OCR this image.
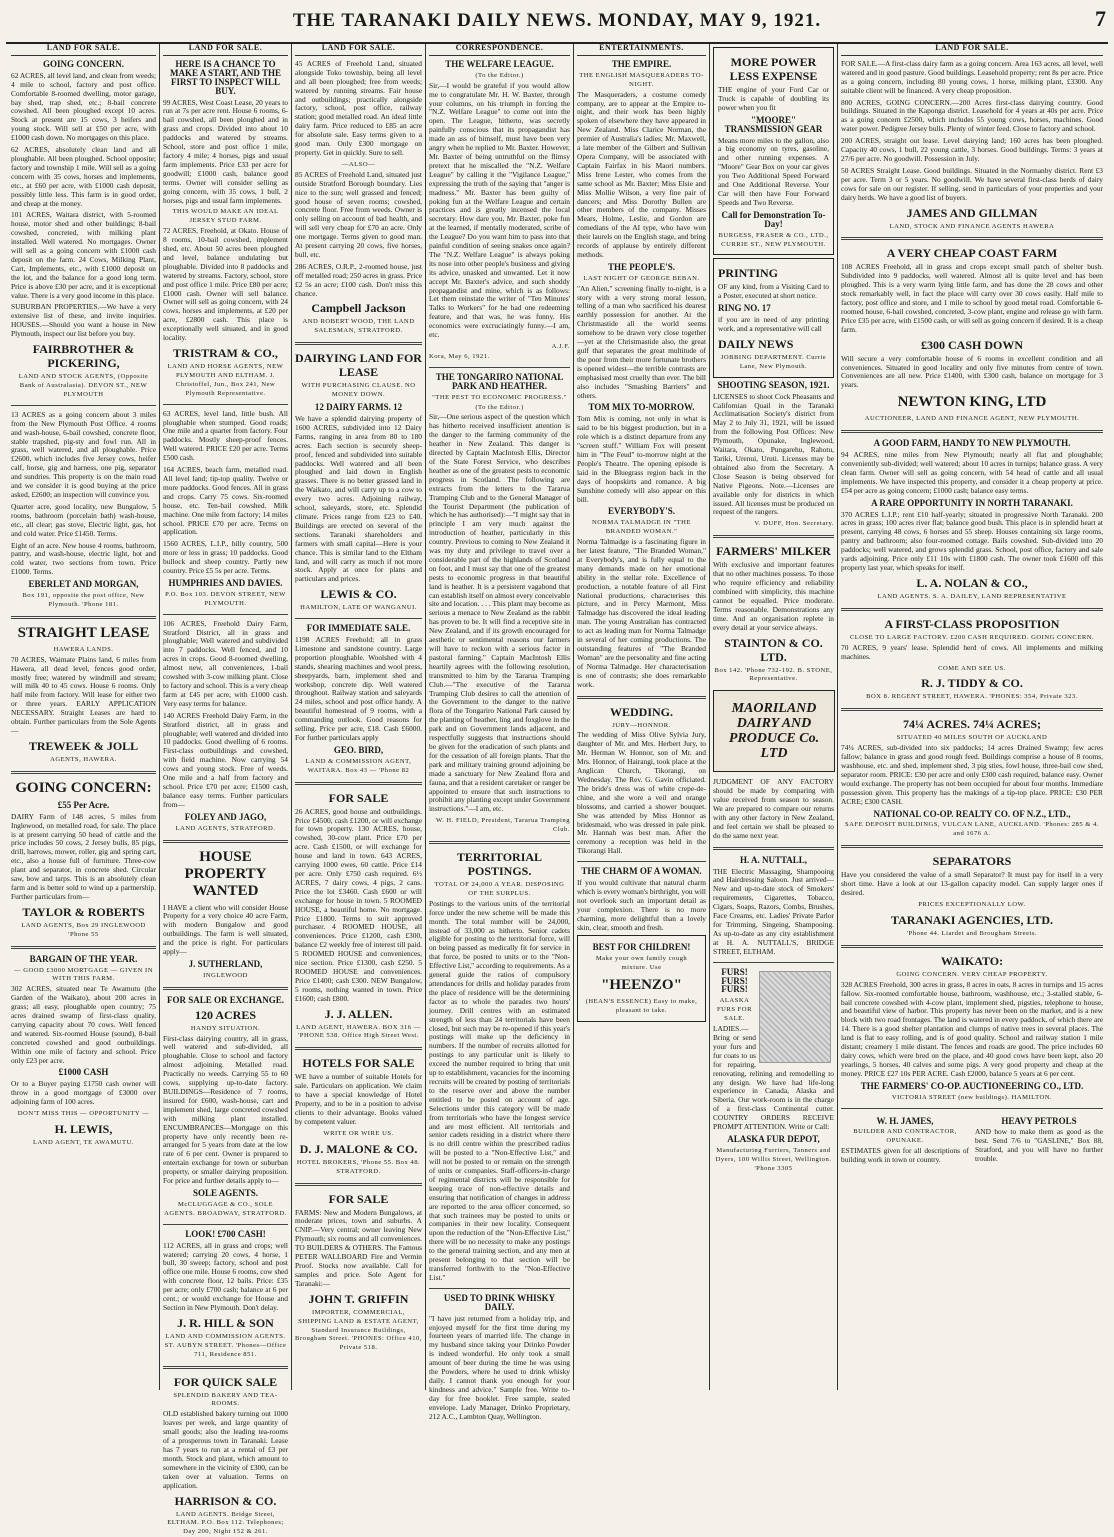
THE TARANAKI DAILY NEWS. MONDAY, MAY 9, 1921.	7
LAND FOR SALE.
GOING CONCERN.

62 ACRES, all level land, and clean from weeds; 4 mile to school, factory and post office. Comfortable 8-roomed dwelling, motor garage, bay shed, trap shed, etc.; 8-bail concrete cowshed. All been ploughed except 10 acres. Stock at present are 15 cows, 3 heifers and young stock. Will sell at £50 per acre, with £1000 cash down. No mortgages on this place.

62 ACRES, absolutely clean land and all ploughable. All been ploughed. School opposite; factory and township 1 mile. Will sell as a going concern with 35 cows, horses and implements, etc., at £60 per acre, with £1000 cash deposit, possibly little less. This farm is in good order, and cheap at the money.

101 ACRES, Waitara district, with 5-roomed house, motor shed and other buildings; 8-bail cowshed, concreted, with milking plant installed. Well watered. No mortgages. Owner will sell as a going concern with £1000 cash deposit on the farm. 24 Cows, Milking Plant, Cart, Implements, etc., with £1000 deposit on the lot, and the balance for a good long term. Price is above £30 per acre, and it is exceptional value. There is a very good income in this place.

SUBURBAN PROPERTIES.—We have a very extensive list of these, and invite inquiries. HOUSES.—Should you want a house in New Plymouth, inspect our list before you buy.

FAIRBROTHER & PICKERING,
LAND AND STOCK AGENTS, (Opposite Bank of Australasia). DEVON ST., NEW PLYMOUTH

13 ACRES as a going concern about 3 miles from the New Plymouth Post Office. 4 rooms and wash-house, 6-bail cowshed, concrete floor, stable trapshed, pig-sty and fowl run. All in grass, well watered, and all ploughable. Price £2600, which includes five Jersey cows, heifer calf, horse, gig and harness, one pig, separator and sundries. This property is on the main road and we consider it is good buying at the price asked, £2600; an inspection will convince you.

Quarter acre, good locality, new Bungalow, 5 rooms, bathroom (porcelain bath) wash-house, etc., all clear; gas stove, Electric light, gas, hot and cold water. Price £1450. Terms.

Eight of an acre. New house 4 rooms, bathroom, pantry, and wash-house, electric light, hot and cold water, two sections from town. Price £1000. Terms.

EBERLET AND MORGAN,
Box 191, opposite the post office, New Plymouth. 'Phone 181.
STRAIGHT LEASE
HAWERA LANDS.

70 ACRES, Waimate Plains land, 6 miles from Hawera, all dead level, fences good order, mostly free; watered by windmill and stream; will milk 40 to 45 cows. House 6 rooms. Only half mile from factory. Will lease for either two or three years. EARLY APPLICATION NECESSARY. Straight Leases are hard to obtain. Further particulars from the Sole Agents—

TREWEEK & JOLL
AGENTS, HAWERA.
GOING CONCERN:
£55 Per Acre.

DAIRY Farm of 148 acres, 5 miles from Inglewood, on metalled road, for sale. The place is at present carrying 50 head of cattle and the price includes 50 cows, 2 Jersey bulls, 85 pigs, drill, harrows, mower, roller, gig and spring cart, etc., also a house full of furniture. Three-cow plant and separator, in concrete shed. Circular saw, bow and tarps. This is an absolutely clean farm and is better sold to wind up a partnership. Further particulars from—

TAYLOR & ROBERTS
LAND AGENTS, Box 29 INGLEWOOD 'Phone 55
BARGAIN OF THE YEAR.
— GOOD £3000 MORTGAGE — GIVEN IN WITH THIS FARM.

302 ACRES, situated near Te Awamutu (the Garden of the Waikato), about 200 acres in grass; all easy, ploughable open country; 75 acres drained swamp of first-class quality, carrying capacity about 70 cows. Well fenced and watered. Six-roomed House (sound), 8-bail concreted cowshed and good outbuildings. Within one mile of factory and school. Price only £23 per acre.

£1000 CASH

Or to a Buyer paying £1750 cash owner will throw in a good mortgage of £3000 over adjoining farm of 100 acres.

DON'T MISS THIS — OPPORTUNITY —
H. LEWIS,
LAND AGENT, TE AWAMUTU.
LAND FOR SALE.
HERE IS A CHANCE TO MAKE A START, AND THE FIRST TO INSPECT WILL BUY.

99 ACRES, West Coast Lease, 20 years to run at 7s per acre rent. House 6 rooms, 6-bail cowshed, all been ploughed and in grass and crops. Divided into about 10 paddocks and watered by streams. School, store and post office 1 mile, factory 4 mile; 4 horses, pigs and usual farm implements. Price £33 per acre for goodwill; £1000 cash, balance good terms. Owner will consider selling as going concern, with 35 cows, 1 bull, 2 horses, pigs and usual farm implements.

THIS WOULD MAKE AN IDEAL JERSEY STUD FARM.

72 ACRES, Freehold, at Okato. House of 8 rooms, 10-bail cowshed, implement shed, etc. About 50 acres been ploughed and level, balance undulating but ploughable. Divided into 8 paddocks and watered by streams. Factory, school, store and post office 1 mile. Price £80 per acre; £1000 cash. Owner will sell balance. Owner will sell as going concern, with 24 cows, horses and implements, at £20 per acre, £2800 cash. This place is exceptionally well situated, and in good locality.

TRISTRAM & CO.,
LAND AND HORSE AGENTS, NEW PLYMOUTH AND ELTHAM. J. Christoffel, Jun., Box 241, New Plymouth Representative.

63 ACRES, level land, little bush. All ploughable when stumped. Good roads; One mile and a quarter from factory. Four paddocks. Mostly sheep-proof fences. Well watered. PRICE £20 per acre. Terms £500 cash.

164 ACRES, beach farm, metalled road. All level land; tip-top quality. Twelve or more paddocks. Good fences. All in grass and crops. Carry 75 cows. Six-roomed house, etc. Ten-bail cowshed. Milk machine. One mile from factory; 14 miles school. PRICE £70 per acre. Terms on application.

1560 ACRES, L.I.P., hilly country, 500 more or less in grass; 10 paddocks. Good bullock and sheep country. Partly new country. Price £5 5s per acre. Terms.

HUMPHRIES AND DAVIES.
P.O. Box 103. DEVON STREET, NEW PLYMOUTH.

106 ACRES, Freehold Dairy Farm, Stratford District, all in grass and ploughable; Well watered and subdivided into 7 paddocks. Well fenced, and 10 acres in crops. Good 8-roomed dwelling, almost new, all conveniences, 1-bail cowshed with 3-cow milking plant. Close to factory and school. This is a very cheap farm at £45 per acre, with £1000 cash. Very easy terms for balance.

140 ACRES Freehold Dairy Farm, in the Stratford district, all in grass and ploughable; well watered and divided into 10 paddocks. Good dwelling of 6 rooms. First-class outbuildings and cowshed, with field machine. Now carrying 54 cows and young stock. Free of weeds. One mile and a half from factory and school. Price £70 per acre; £1500 cash, balance easy terms. Further particulars from—

FOLEY AND JAGO,
LAND AGENTS, STRATFORD.
HOUSE PROPERTY WANTED

I HAVE a client who will consider House Property for a very choice 40 acre Farm, with modern Bungalow and good outbuildings. The farm is well situated, and the price is right. For particulars apply—

J. SUTHERLAND,
INGLEWOOD
FOR SALE OR EXCHANGE.
120 ACRES
HANDY SITUATION.

First-class dairying country, all in grass, well watered and sub-divided, all ploughable. Close to school and factory almost adjoining. Metalled road. Practically no weeds. Carrying 55 to 60 cows, supplying up-to-date factory. BUILDINGS—Residence of 7 rooms, insured for £600, wash-house, cart and implement shed, large concreted cowshed with milking plant installed. ENCUMBRANCES—Mortgage on this property have only recently been re-arranged for 5 years from date at the low rate of 6 per cent. Owner is prepared to entertain exchange for town or suburban property, or smaller dairying proposition. For price and further details apply to—

SOLE AGENTS.
McCLUGGAGE & CO., SOLE AGENTS. BROADWAY, STRATFORD.
LOOK! £700 CASH!

112 ACRES, all in grass and crops; well watered; carrying 20 cows, 4 horse, 1 bull, 30 sweep; factory, school and post office one mile. House 6 rooms, cow shed with concrete floor, 12 bails. Price: £35 per acre; only £700 cash; balance at 6 per cent.; or would exchange for House and Section in New Plymouth. Don't delay.

J. R. HILL & SON
LAND AND COMMISSION AGENTS. ST. AUBYN STREET. 'Phones—Office 711, Residence 851.
FOR QUICK SALE
SPLENDID BAKERY AND TEA-ROOMS.

OLD established bakery turning out 1000 loaves per week, and large quantity of small goods; also the leading tea-rooms of a prosperous town in Taranaki. Lease has 7 years to run at a rental of £3 per month. Stock and plant, which amount to somewhere in the vicinity of £300, can be taken over at valuation. Terms on application.

HARRISON & CO.
LAND AGENTS. Bridge Street, ELTHAM. P.O. Box 112. Telephones; Day 200, Night 152 & 261.
LAND FOR SALE.

45 ACRES of Freehold Land, situated alongside Toko township, being all level and all been ploughed; free from weeds; watered by running streams. Fair house and outbuildings; practically alongside factory, school, post office, railway station; good metalled road. An ideal little dairy farm. Price reduced to £85 an acre for absolute sale. Easy terms given to a good man. Only £300 mortgage on property. Get in quickly. Sure to sell.

—ALSO—

85 ACRES of Freehold Land, situated just outside Stratford Borough boundary. Lies nice to the sun; well grassed and fenced; good house of seven rooms; cowshed, concrete floor. Free from weeds. Owner is only selling on account of bad health, and will sell very cheap for £70 an acre. Only one mortgage. Terms given to good man. At present carrying 20 cows, five horses, bull, etc.

286 ACRES, O.R.P., 2-roomed house, just off metalled road; 250 acres in grass. Price £2 5s an acre; £100 cash. Don't miss this chance.

Campbell Jackson
AND ROBERT WOOD, THE LAND SALESMAN, STRATFORD.
DAIRYING LAND FOR LEASE
WITH PURCHASING CLAUSE. NO MONEY DOWN.
12 DAIRY FARMS. 12

We have a splendid dairying property of 1600 ACRES, subdivided into 12 Dairy Farms, ranging in area from 80 to 180 acres. Each section is securely sheep-proof, fenced and subdivided into suitable paddocks. Well watered and all been ploughed and laid down in English grasses. There is no better grassed land in the Waikato, and will carry up to a cow to every two acres. Adjoining railway, school, saleyards, store, etc. Splendid climate. Prices range from £23 to £40. Buildings are erected on several of the sections. Taranaki shareholders and farmers with small capital—Here is your chance. This is similar land to the Eltham land, and will carry as much if not more stock. Apply at once for plans and particulars and prices.

LEWIS & CO.
HAMILTON, LATE OF WANGANUI.
FOR IMMEDIATE SALE.

1198 ACRES Freehold; all in grass Limestone and sandstone country. Large proportion ploughable. Woolshed with 4 stands, shearing machines and wool press, sheepyards, barn, implement shed and workshop, concrete dip. Well watered throughout. Railway station and saleyards 24 miles, school and post office handy. A beautiful homestead of 9 rooms, with a commanding outlook. Good reasons for selling. Price per acre, £18. Cash £6000. For further particulars apply

GEO. BIRD,
LAND & COMMISSION AGENT, WAITARA. Box 43 — 'Phone 82
FOR SALE

26 ACRES, good house and outbuildings. Price £4500, cash £1200, or will exchange for town property. 130 ACRES, house, cowshed, 30-cow plant. Price £70 per acre. Cash £1500, or will exchange for house and land in town. 643 ACRES, carrying 1000 ewes, 60 cattle. Price £14 per acre. Only £750 cash required. 6½ ACRES, 7 dairy cows, 4 pigs, 2 cans. Price the lot £3460. Cash £600 or will exchange for house in town. 5 ROOMED HOUSE, a beautiful home. No mortgage. Price £1800. Terms to suit approved purchaser. 4 ROOMED HOUSE, all conveniences. Price £1200, cash £300, balance £2 weekly free of interest till paid. 5 ROOMED HOUSE and conveniences, nice section. Price £1300, cash £250. 5 ROOMED HOUSE and conveniences. Price £1400; cash £300. NEW Bungalow, 5 rooms, nothing wanted in town. Price £1600; cash £800.

J. J. ALLEN.
LAND AGENT, HAWERA. BOX 316 — 'PHONE 538. Office High Street West.
HOTELS FOR SALE

WE have a number of suitable Hotels for sale. Particulars on application. We claim to have a special knowledge of Hotel Property, and to be in a position to advise clients to their advantage. Books valued by competent valuer.

WRITE OR WIRE US.
D. J. MALONE & CO.
HOTEL BROKERS, 'Phone 55. Box 48. STRATFORD.
FOR SALE

FARMS: New and Modern Bungalows, at moderate prices, town and suburbs. A CNIP.—Very central; owner leaving New Plymouth; six rooms and all conveniences. TO BUILDERS & OTHERS. The Famous PETER WALLBOARD Fire and Vermin Proof. Stocks now available. Call for samples and price. Sole Agent for Taranaki:—

JOHN T. GRIFFIN
IMPORTER, COMMERCIAL, SHIPPING LAND & ESTATE AGENT, Standard Insurance Buildings, Brougham Street. 'PHONES: Office 410, Private 518.
CORRESPONDENCE.
THE WELFARE LEAGUE.
(To the Editor.)

Sir,—I would be grateful if you would allow me to congratulate Mr. H. W. Baxter, through your columns, on his triumph in forcing the "N.Z. Welfare League" to come out into the open. The League, hitherto, was secretly painfully conscious that its propagandist has made an ass of himself, must have been very angry when he replied to Mr. Baxter. However, Mr. Baxter of being untruthful on the flimsy pretext that he miscalled the "N.Z. Welfare League" by calling it the "Vigilance League," expressing the truth of the saying that "anger is madness." Mr. Baxter has been guilty of poking fun at the Welfare League and certain practices and is greatly incensed the local secretary. How dare you, Mr. Baxter, poke fun at the learned, if mentally moderated, scribe of the League? Do you want him to pass into that painful condition of seeing snakes once again? The "N.Z. Welfare League" is always poking its nose into other people's business and giving its advice, unasked and unwanted. Let it now accept Mr. Baxter's advice, and such shoddy propagandist and mine, which is as follows: Let them reinstate the writer of "Ten Minutes' Talks to Workers" for he had one redeeming feature, and that was, he was funny. His economics were excruciatingly funny.—I am, etc.

A.J.F.
Kora, May 6, 1921.
THE TONGARIRO NATIONAL PARK AND HEATHER.
"THE PEST TO ECONOMIC PROGRESS."
(To the Editor.)

Sir,—One serious aspect of the question which has hitherto received insufficient attention is the danger to the farming community of the heather in New Zealand. This danger is directed by Captain MacIntosh Ellis, Director of the State Forest Service, who describes heather as one of the greatest pests to economic progress in Scotland. The following are extracts from the letters to the Tararua Tramping Club and to the General Manager of the Tourist Department (the publication of which he has authorised):—"I might say that in principle I am very much against the introduction of heather, particularly in this country. Previous to coming to New Zealand it was my duty and privilege to travel over a considerable part of the highlands of Scotland on foot, and I must say that one of the greatest pests to economic progress in that beautiful land is heather. It is a persistent vagabond that can establish itself on almost every conceivable site and location. . . . This plant may become as serious a menace to New Zealand as the rabbit has proven to be. It will find a receptive site in New Zealand, and if its growth encouraged for aesthetic or sentimental reasons our farmers will have to reckon with a serious factor in pastoral farming." Captain MacIntosh Ellis heartily agrees with the following resolution, transmitted to him by the Tararua Tramping Club.—"The executive of the Tararua Tramping Club desires to call the attention of the Government to the danger to the native flora of the Tongariro National Park caused by the planting of heather, ling and foxglove in the park and on Government lands adjacent, and respectfully suggests that instructions should be given for the eradication of such plants and for the cessation of all foreign plants. That the park and military training ground adjoining be made a sanctuary for New Zealand flora and fauna, and that a resident caretaker or ranger be appointed to ensure that such instructions to prohibit any planting except under Government instructions."—I am, etc.

W. H. FIELD, President, Tararua Tramping Club.
TERRITORIAL POSTINGS.
TOTAL OF 24,000 A YEAR. DISPOSING OF THE SURPLUS.

Postings to the various units of the territorial force under the new scheme will be made this month. The total number will be 24,000, instead of 33,000 as hitherto. Senior cadets eligible for posting to the territorial force, will on being passed as medically fit for service in that force, be posted to units or to the "Non-Effective List," according to requirements. As a general guide the ratios of compulsory attendances for drills and holiday parades from the place of residence will be the determining factor as to whole the parades two hours' journey. Drill centres with an estimated strength of less than 24 territorials have been closed, but such may be re-opened if this year's postings will make up the deficiency in numbers. If the number of recruits allotted for postings to any particular unit is likely to exceed the number required to bring that unit up to establishment, vacancies for the incoming recruits will be created by posting of territorials to the reserve over and above the number entitled to be posted on account of age. Selections under this category will be made from territorials who have the longest service and are most efficient. All territorials and senior cadets residing in a district where there is no drill centre within the prescribed radius will be posted to a "Non-Effective List," and will not be posted to or remain on the strength of units or companies. Staff-officers-in-charge of regimental districts will be responsible for keeping trace of non-effective details and ensuring that notification of changes in address are reported to the area officer concerned, so that such trainees may be posted to units or companies in their new locality. Consequent upon the reduction of the "Non-Effective List," there will be no necessity to make any postings to the general training section, and any men at present belonging to that section will be transferred forthwith to the "Non-Effective List."

USED TO DRINK WHISKY DAILY.

"I have just returned from a holiday trip, and enjoyed myself for the first time during my fourteen years of married life. The change in my husband since taking your Drinko Powder is indeed wonderful. He only took a small amount of beer during the time he was using the Powders, where he used to drink whisky daily. I cannot thank you enough for your kindness and advice." Sample free. Write to-day for free booklet. Free sample, sealed envelope. Lady Manager, Drinko Proprietary, 212 A.C., Lambton Quay, Wellington.

ENTERTAINMENTS.
THE EMPIRE.
THE ENGLISH MASQUERADERS TO-NIGHT.

The Masqueraders, a costume comedy company, are to appear at the Empire to-night, and their work has been highly spoken of elsewhere they have appeared in New Zealand. Miss Clarice Norman, the premier of Australia's ladies; Mr. Maxwell, a late member of the Gilbert and Sullivan Opera Company, will be associated with Captain Fairfax in his Maori numbers. Miss Irene Lester, who comes from the same school as Mr. Baxter; Miss Elsie and Miss Mollie Wilson, a very fine pair of dancers; and Miss Dorothy Bullen are other members of the company. Misses Mears, Holme, Leslie, and Gordon are comedians of the AI type, who have won their laurels on the English stage, and bring records of applause by entirely different methods.

THE PEOPLE'S.
LAST NIGHT OF GEORGE BEBAN.

"An Alien," screening finally to-night, is a story with a very strong moral lesson, telling of a man who sacrificed his dearest earthly possession for another. At the Christmastide all the world seems somehow to be drawn very close together—yet at the Christmastide also, the great gulf that separates the great multitude of the poor from their more fortunate brothers is opened widest—the terrible contrasts are emphasised most cruelly than ever. The bill also includes "Smashing Barriers" and others.

TOM MIX TO-MORROW.

Tom Mix is coming, not only in what is said to be his biggest production, but in a role which is a distinct departure from any "screen stuff." William Fox will present him in "The Feud" to-morrow night at the People's Theatre. The opening episode is laid in the Bluegrass region back in the days of hoopskirts and romance. A big Sunshine comedy will also appear on this bill.

EVERYBODY'S.
NORMA TALMADGE IN "THE BRANDED WOMAN."

Norma Talmadge is a fascinating figure in her latest feature, "The Branded Woman," at Everybody's, and is fully equal to the many demands made on her emotional ability in the stellar role. Excellence of production, a notable feature of all First National productions, characterises this picture, and in Percy Marmont, Miss Talmadge has discovered the ideal leading man. The young Australian has contracted to act as leading man for Norma Talmadge in several of her coming productions. The outstanding features of "The Branded Woman" are the personality and fine acting of Norma Talmadge. Her characterisation is one of contrasts; she does remarkable work.

WEDDING.
JURY—HONNOR.

The wedding of Miss Olive Sylvia Jury, daughter of Mr. and Mrs. Herbert Jury, to Mr. Herman W. Honnor, son of Mr. and Mrs. Honnor, of Hairangi, took place at the Anglican Church, Tikorangi, on Wednesday. The Rev. G. Gavin officiated. The bride's dress was of white crepe-de-chine, and she wore a veil and orange blossoms, and carried a shower bouquet. She was attended by Miss Honnor as bridesmaid, who was dressed in pale pink. Mr. Hannah was best man. After the ceremony a reception was held in the Tikorangi Hall.

THE CHARM OF A WOMAN.

If you would cultivate that natural charm which is every woman's birthright, you will not overlook such an important detail as your complexion. There is no more charming, more delightful than a lovely skin, clear, smooth and fresh.

BEST FOR CHILDREN!
Make your own family cough mixture. Use
"HEENZO"
(HEAN'S ESSENCE) Easy to make, pleasant to take.
MORE POWER LESS EXPENSE

THE engine of your Ford Car or Truck is capable of doubling its power when you fit

"MOORE" TRANSMISSION GEAR

Means more miles to the gallon, also a big economy on tyres, gasoline, and other running expenses. A "Moore" Gear Box on your car gives you Two Additional Speed Forward and One Additional Reverse. Your Car will then have Four Forward Speeds and Two Reverse.

Call for Demonstration To-Day!
BURGESS, FRASER & CO., LTD., CURRIE ST., NEW PLYMOUTH.
PRINTING

OF any kind, from a Visiting Card to a Poster, executed at short notice.

RING NO. 17

if you are in need of any printing work, and a representative will call

DAILY NEWS
JOBBING DEPARTMENT. Currie Lane, New Plymouth.
SHOOTING SEASON, 1921.

LICENSES to shoot Cock Pheasants and Californian Quail in the Taranaki Acclimatisation Society's district from May 2 to July 31, 1921, will be issued from the following Post Offices: New Plymouth, Opunake, Inglewood, Waitara, Okato, Pungarehu, Rahotu, Tariki, Urenui, Uruti. Licenses may be obtained also from the Secretary. A Close Season is being observed for Native Pigeons. Note.—Licenses are available only for districts in which issued. All licenses must be produced on request of the rangers.

V. DUFF, Hon. Secretary.
FARMERS' MILKER

With exclusive and important features that no other machines possess. To those who require efficiency and reliability combined with simplicity, this machine cannot be equalled. Price moderate. Terms reasonable. Demonstrations any time. And an organisation replete in every detail at your service always.

STAINTON & CO. LTD.
Box 142. 'Phone 732-192. B. STONE, Representative.
MAORILAND DAIRY AND PRODUCE Co. LTD

JUDGMENT OF ANY FACTORY should be made by comparing with value received from season to season. We are prepared to compare our returns with any other factory in New Zealand, and feel certain we shall be pleased to do the same next year.

H. A. NUTTALL,

THE Electric Massaging, Shampooing and Hairdressing Saloon. Just arrived—New and up-to-date stock of Smokers' requirements, Cigarettes, Tobacco, Cigars, Soaps, Razors, Combs, Brushes, Face Creams, etc. Ladies' Private Parlor for Trimming, Singeing, Shampooing. As up-to-date as any city establishment at H. A. NUTTALL'S, BRIDGE STREET, ELTHAM.

FURS! FURS! FURS!
ALASKA FURS FOR SALE.

LADIES.—Bring or send your furs and fur coats to us for repairing, renovating, relining and remodelling to any design. We have had life-long experience in Canada, Alaska and Siberia. Our work-room is in the charge of a first-class Continental cutter. COUNTRY ORDERS RECEIVE PROMPT ATTENTION. Write or Call:

ALASKA FUR DEPOT,
Manufacturing Furriers, Tanners and Dyers, 100 Willis Street, Wellington. 'Phone 3305
LAND FOR SALE.

FOR SALE.—A first-class dairy farm as a going concern. Area 163 acres, all level, well watered and in good pasture. Good buildings. Leasehold property; rent 8s per acre. Price as a going concern, including 80 young cows, 1 horse, milking plant, £3300. Any suitable client will be financed. A very cheap proposition.

800 ACRES, GOING CONCERN.—200 Acres first-class dairying country. Good buildings. Situated in the Kaponga district. Leasehold for 4 years at 40s per acre. Price as a going concern £2500, which includes 55 young cows, horses, machines. Good water power. Pedigree Jersey bulls. Plenty of winter feed. Close to factory and school.

200 ACRES, straight out lease. Level dairying land; 160 acres has been ploughed. Capacity 40 cows, 1 bull, 22 young cattle, 3 horses. Good buildings. Terms: 3 years at 27/6 per acre. No goodwill. Possession in July.

50 ACRES Straight Lease. Good buildings. Situated in the Normanby district. Rent £3 per acre. Term 3 or 5 years. No goodwill. We have several first-class herds of dairy cows for sale on our register. If selling, send in particulars of your properties and your dairy herds. We have a good list of buyers.

JAMES AND GILLMAN
LAND, STOCK AND FINANCE AGENTS HAWERA
A VERY CHEAP COAST FARM

108 ACRES Freehold, all in grass and crops except small patch of shelter bush. Subdivided into 9 paddocks, well watered. Almost all is quite level and has been ploughed. This is a very warm lying little farm, and has done the 28 cows and other stock remarkably well, in fact the place will carry over 30 cows easily. Half mile to factory, post office and store, and 1 mile to school by good metal road. Comfortable 6-roomed house, 6-bail cowshed, concreted, 3-cow plant, engine and release go with farm. Price £35 per acre, with £1500 cash, or will sell as going concern if desired. It is a cheap farm.

£300 CASH DOWN

Will secure a very comfortable house of 6 rooms in excellent condition and all conveniences. Situated in good locality and only five minutes from centre of town. Conveniences are all new. Price £1400, with £300 cash, balance on mortgage for 3 years.

NEWTON KING, LTD
AUCTIONEER, LAND AND FINANCE AGENT, NEW PLYMOUTH.
A GOOD FARM, HANDY TO NEW PLYMOUTH.

94 ACRES, nine miles from New Plymouth; nearly all flat and ploughable; conveniently sub-divided; well watered; about 10 acres in turnips; balance grass. A very clean farm. Owner will sell as going concern, with 54 head of cattle and all usual implements. We have inspected this property, and consider it a cheap property at price. £54 per acre as going concern; £1000 cash; balance easy terms.

A RARE OPPORTUNITY IN NORTH TARANAKI.

370 ACRES L.I.P.; rent £10 half-yearly; situated in progressive North Taranaki. 200 acres in grass; 100 acres river flat; balance good bush. This place is in splendid heart at present, carrying 48 cows, 6 horses and 55 sheep. Houses containing six large rooms, pantry and bathroom; also four-roomed cottage. Bails cowshed. Sub-divided into 20 paddocks; well watered, and grows splendid grass. School, post office, factory and sale yards adjoining. Price only £11 10s with £1800 cash. The owner took £1600 off this property last year, which speaks for itself.

L. A. NOLAN & CO.,
LAND AGENTS. S. A. DAILEY, LAND REPRESENTATIVE
A FIRST-CLASS PROPOSITION
CLOSE TO LARGE FACTORY. £200 CASH REQUIRED. GOING CONCERN.

70 ACRES, 9 years' lease. Splendid herd of cows. All implements and milking machines.

COME AND SEE US.
R. J. TIDDY & CO.
BOX 8. REGENT STREET, HAWERA. 'PHONES: 354, Private 323.
74¼ ACRES. 74¼ ACRES;
SITUATED 40 MILES SOUTH OF AUCKLAND

74¼ ACRES, sub-divided into six paddocks; 14 acres Drained Swamp; few acres fallow; balance in grass and good rough feed. Buildings comprise a house of 8 rooms, washhouse, etc. and shed, implement shed, 3 pig sties, fowl house, three-bail cow shed, separator room. PRICE: £30 per acre and only £300 cash required, balance easy. Owner would exchange. The property has not been occupied for about four months. Immediate possession given. This property has the makings of a tip-top place. PRICE: £30 PER ACRE; £300 CASH.

NATIONAL CO-OP. REALTY CO. OF N.Z., LTD.,
SAFE DEPOSIT BUILDINGS, VULCAN LANE, AUCKLAND. 'Phones: 285 & 4. and 1676 A.
SEPARATORS

Have you considered the value of a small Separator? It must pay for itself in a very short time. Have a look at our 13-gallon capacity model. Can supply larger ones if desired.

PRICES EXCEPTIONALLY LOW.
TARANAKI AGENCIES, LTD.
'Phone 44. Liardet and Brougham Streets.
WAIKATO:
GOING CONCERN. VERY CHEAP PROPERTY.

328 ACRES Freehold, 300 acres in grass, 8 acres in oats, 8 acres in turnips and 15 acres fallow. Six-roomed comfortable house, bathroom, washhouse, etc.; 3-stalled stable, 6-bail concrete cowshed with 4-cow plant, implement shed, pigsties, telephone to house, and beautiful view of harbor. This property has never been on the market, and is a new block with two road frontages. The land is watered in every paddock, of which there are 14. There is a good shelter plantation and clumps of native trees in several places. The land is flat to easy rolling, and is of good quality. School and railway station 1 mile distant; creamery 1 mile distant. The fences and roads are good. The price includes 60 dairy cows, which were bred on the place, and 40 good cows have been kept, also 20 yearlings, 5 horses, 40 calves and some pigs. A very good property and cheap at the money. PRICE £27 10s PER ACRE. Cash £2000, balance 5 years at 6 per cent.

THE FARMERS' CO-OP. AUCTIONEERING CO., LTD.
VICTORIA STREET (new buildings). HAMILTON.
W. H. JAMES,
BUILDER AND CONTRACTOR, OPUNAKE.

ESTIMATES given for all descriptions of building work in town or country.

HEAVY PETROLS

AND how to make them as good as the best. Send 7/6 to "GASLINE," Box 88, Stratford, and you will have no further trouble.
